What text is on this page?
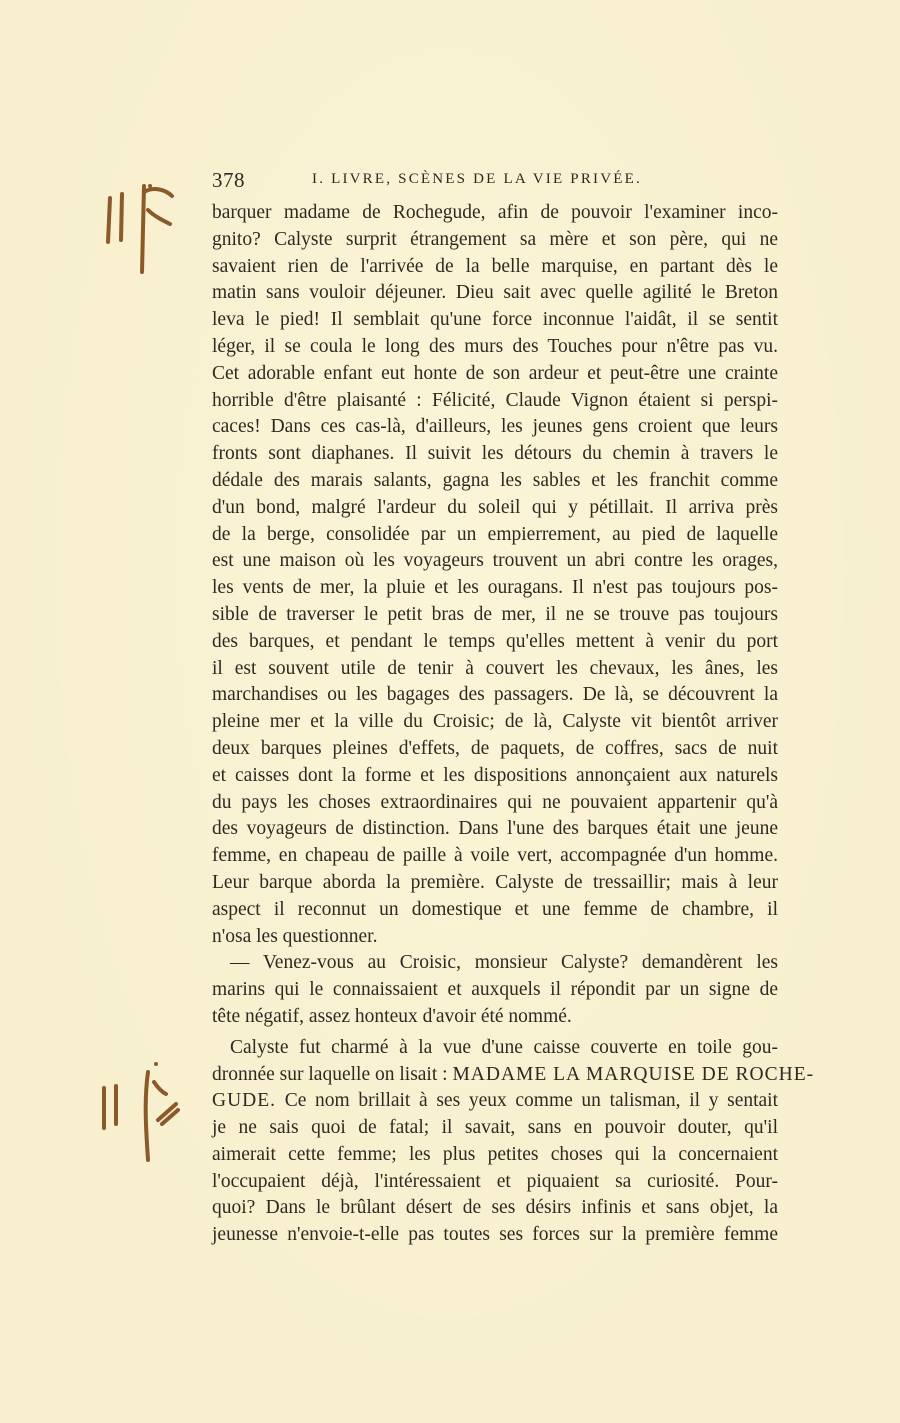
378	I. LIVRE, SCÈNES DE LA VIE PRIVÉE.
barquer madame de Rochegude, afin de pouvoir l'examiner inco-
gnito? Calyste surprit étrangement sa mère et son père, qui ne
savaient rien de l'arrivée de la belle marquise, en partant dès le
matin sans vouloir déjeuner. Dieu sait avec quelle agilité le Breton
leva le pied! Il semblait qu'une force inconnue l'aidât, il se sentit
léger, il se coula le long des murs des Touches pour n'être pas vu.
Cet adorable enfant eut honte de son ardeur et peut-être une crainte
horrible d'être plaisanté : Félicité, Claude Vignon étaient si perspi-
caces! Dans ces cas-là, d'ailleurs, les jeunes gens croient que leurs
fronts sont diaphanes. Il suivit les détours du chemin à travers le
dédale des marais salants, gagna les sables et les franchit comme
d'un bond, malgré l'ardeur du soleil qui y pétillait. Il arriva près
de la berge, consolidée par un empierrement, au pied de laquelle
est une maison où les voyageurs trouvent un abri contre les orages,
les vents de mer, la pluie et les ouragans. Il n'est pas toujours pos-
sible de traverser le petit bras de mer, il ne se trouve pas toujours
des barques, et pendant le temps qu'elles mettent à venir du port
il est souvent utile de tenir à couvert les chevaux, les ânes, les
marchandises ou les bagages des passagers. De là, se découvrent la
pleine mer et la ville du Croisic; de là, Calyste vit bientôt arriver
deux barques pleines d'effets, de paquets, de coffres, sacs de nuit
et caisses dont la forme et les dispositions annonçaient aux naturels
du pays les choses extraordinaires qui ne pouvaient appartenir qu'à
des voyageurs de distinction. Dans l'une des barques était une jeune
femme, en chapeau de paille à voile vert, accompagnée d'un homme.
Leur barque aborda la première. Calyste de tressaillir; mais à leur
aspect il reconnut un domestique et une femme de chambre, il
n'osa les questionner.
— Venez-vous au Croisic, monsieur Calyste? demandèrent les
marins qui le connaissaient et auxquels il répondit par un signe de
tête négatif, assez honteux d'avoir été nommé.
Calyste fut charmé à la vue d'une caisse couverte en toile gou-
dronnée sur laquelle on lisait : MADAME LA MARQUISE DE ROCHE-
GUDE. Ce nom brillait à ses yeux comme un talisman, il y sentait
je ne sais quoi de fatal; il savait, sans en pouvoir douter, qu'il
aimerait cette femme; les plus petites choses qui la concernaient
l'occupaient déjà, l'intéressaient et piquaient sa curiosité. Pour-
quoi? Dans le brûlant désert de ses désirs infinis et sans objet, la
jeunesse n'envoie-t-elle pas toutes ses forces sur la première femme
